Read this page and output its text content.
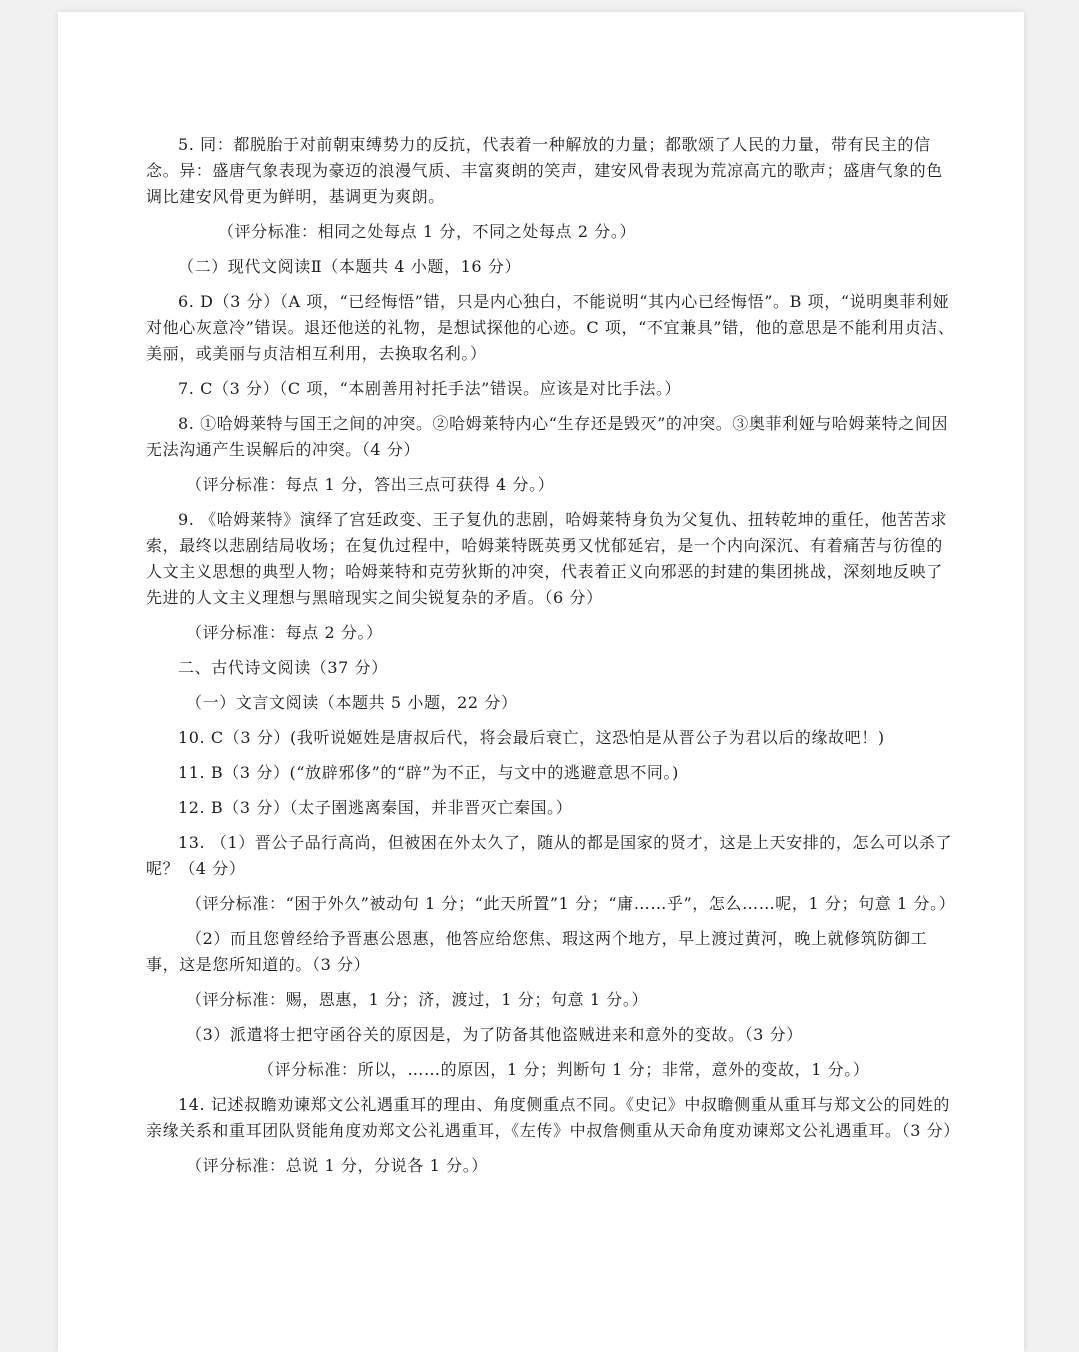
5. 同：都脱胎于对前朝束缚势力的反抗，代表着一种解放的力量；都歌颂了人民的力量，带有民主的信念。异：盛唐气象表现为豪迈的浪漫气质、丰富爽朗的笑声，建安风骨表现为荒凉高亢的歌声；盛唐气象的色调比建安风骨更为鲜明，基调更为爽朗。

（评分标准：相同之处每点 1 分，不同之处每点 2 分。）

（二）现代文阅读Ⅱ（本题共 4 小题，16 分）

6. D（3 分）（A 项，“已经悔悟”错，只是内心独白，不能说明“其内心已经悔悟”。B 项，“说明奥菲利娅对他心灰意冷”错误。退还他送的礼物，是想试探他的心迹。C 项，“不宜兼具”错，他的意思是不能利用贞洁、美丽，或美丽与贞洁相互利用，去换取名利。）

7. C（3 分）（C 项，“本剧善用衬托手法”错误。应该是对比手法。）

8. ①哈姆莱特与国王之间的冲突。②哈姆莱特内心“生存还是毁灭”的冲突。③奥菲利娅与哈姆莱特之间因无法沟通产生误解后的冲突。（4 分）

（评分标准：每点 1 分，答出三点可获得 4 分。）

9. 《哈姆莱特》演绎了宫廷政变、王子复仇的悲剧，哈姆莱特身负为父复仇、扭转乾坤的重任，他苦苦求索，最终以悲剧结局收场；在复仇过程中，哈姆莱特既英勇又忧郁延宕，是一个内向深沉、有着痛苦与彷徨的人文主义思想的典型人物；哈姆莱特和克劳狄斯的冲突，代表着正义向邪恶的封建的集团挑战，深刻地反映了先进的人文主义理想与黑暗现实之间尖锐复杂的矛盾。（6 分）

（评分标准：每点 2 分。）

二、古代诗文阅读（37 分）

（一）文言文阅读（本题共 5 小题，22 分）

10. C（3 分）(我听说姬姓是唐叔后代，将会最后衰亡，这恐怕是从晋公子为君以后的缘故吧！)

11. B（3 分）(“放辟邪侈”的“辟”为不正，与文中的逃避意思不同。)

12. B（3 分）（太子圉逃离秦国，并非晋灭亡秦国。）

13. （1）晋公子品行高尚，但被困在外太久了，随从的都是国家的贤才，这是上天安排的，怎么可以杀了呢？（4 分）

（评分标准：“困于外久”被动句 1 分；“此天所置”1 分；“庸……乎”，怎么……呢，1 分；句意 1 分。）

（2）而且您曾经给予晋惠公恩惠，他答应给您焦、瑕这两个地方，早上渡过黄河，晚上就修筑防御工事，这是您所知道的。（3 分）

（评分标准：赐，恩惠，1 分；济，渡过，1 分；句意 1 分。）

（3）派遣将士把守函谷关的原因是，为了防备其他盗贼进来和意外的变故。（3 分）

（评分标准：所以，……的原因，1 分；判断句 1 分；非常，意外的变故，1 分。）

14. 记述叔瞻劝谏郑文公礼遇重耳的理由、角度侧重点不同。《史记》中叔瞻侧重从重耳与郑文公的同姓的亲缘关系和重耳团队贤能角度劝郑文公礼遇重耳，《左传》中叔詹侧重从天命角度劝谏郑文公礼遇重耳。（3 分）

（评分标准：总说 1 分，分说各 1 分。）
